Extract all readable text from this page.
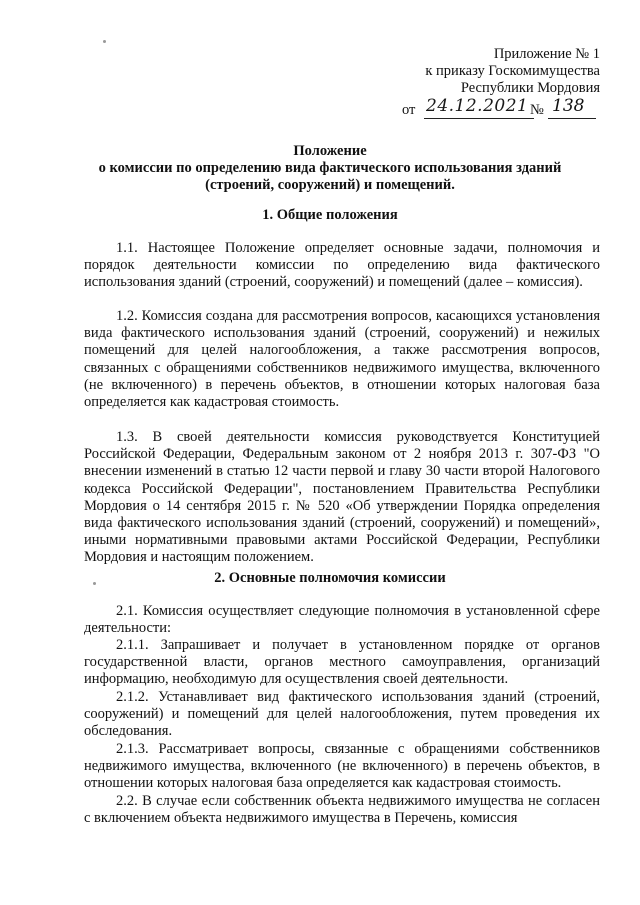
Приложение № 1
к приказу Госкомимущества
Республики Мордовия
от 24.12.2021 № 138
Положение
о комиссии по определению вида фактического использования зданий
(строений, сооружений) и помещений.
1. Общие положения
1.1. Настоящее Положение определяет основные задачи, полномочия и порядок деятельности комиссии по определению вида фактического использования зданий (строений, сооружений) и помещений (далее – комиссия).
1.2. Комиссия создана для рассмотрения вопросов, касающихся установления вида фактического использования зданий (строений, сооружений) и нежилых помещений для целей налогообложения, а также рассмотрения вопросов, связанных с обращениями собственников недвижимого имущества, включенного (не включенного) в перечень объектов, в отношении которых налоговая база определяется как кадастровая стоимость.
1.3. В своей деятельности комиссия руководствуется Конституцией Российской Федерации, Федеральным законом от 2 ноября 2013 г. 307-ФЗ "О внесении изменений в статью 12 части первой и главу 30 части второй Налогового кодекса Российской Федерации", постановлением Правительства Республики Мордовия о 14 сентября 2015 г. № 520 «Об утверждении Порядка определения вида фактического использования зданий (строений, сооружений) и помещений», иными нормативными правовыми актами Российской Федерации, Республики Мордовия и настоящим положением.
2. Основные полномочия комиссии
2.1. Комиссия осуществляет следующие полномочия в установленной сфере деятельности:
2.1.1. Запрашивает и получает в установленном порядке от органов государственной власти, органов местного самоуправления, организаций информацию, необходимую для осуществления своей деятельности.
2.1.2. Устанавливает вид фактического использования зданий (строений, сооружений) и помещений для целей налогообложения, путем проведения их обследования.
2.1.3. Рассматривает вопросы, связанные с обращениями собственников недвижимого имущества, включенного (не включенного) в перечень объектов, в отношении которых налоговая база определяется как кадастровая стоимость.
2.2. В случае если собственник объекта недвижимого имущества не согласен с включением объекта недвижимого имущества в Перечень, комиссия
